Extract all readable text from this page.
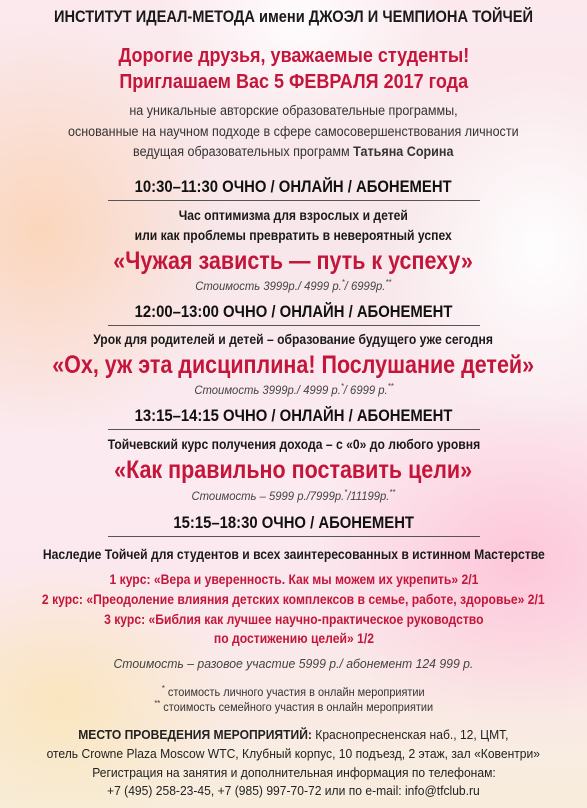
ИНСТИТУТ ИДЕАЛ-МЕТОДА имени ДЖОЭЛ И ЧЕМПИОНА ТОЙЧЕЙ
Дорогие друзья, уважаемые студенты!
Приглашаем Вас 5 ФЕВРАЛЯ 2017 года
на уникальные авторские образовательные программы,
основанные на научном подходе в сфере самосовершенствования личности
ведущая образовательных программ Татьяна Сорина
10:30–11:30 ОЧНО / ОНЛАЙН / АБОНЕМЕНТ
Час оптимизма для взрослых и детей
или как проблемы превратить в невероятный успех
«Чужая зависть — путь к успеху»
Стоимость 3999р./ 4999 р.*/ 6999р.**
12:00–13:00 ОЧНО / ОНЛАЙН / АБОНЕМЕНТ
Урок для родителей и детей – образование будущего уже сегодня
«Ох, уж эта дисциплина! Послушание детей»
Стоимость 3999р./ 4999 р.*/ 6999 р.**
13:15–14:15 ОЧНО / ОНЛАЙН / АБОНЕМЕНТ
Тойчевский курс получения дохода – с «0» до любого уровня
«Как правильно поставить цели»
Стоимость – 5999 р./7999р.*/11199р.**
15:15–18:30 ОЧНО / АБОНЕМЕНТ
Наследие Тойчей для студентов и всех заинтересованных в истинном Мастерстве
1 курс: «Вера и уверенность. Как мы можем их укрепить» 2/1
2 курс: «Преодоление влияния детских комплексов в семье, работе, здоровье» 2/1
3 курс: «Библия как лучшее научно-практическое руководство
по достижению целей» 1/2
Стоимость – разовое участие 5999 р./ абонемент 124 999 р.
* стоимость личного участия в онлайн мероприятии
** стоимость семейного участия в онлайн мероприятии
МЕСТО ПРОВЕДЕНИЯ МЕРОПРИЯТИЙ: Краснопресненская наб., 12, ЦМТ,
отель Crowne Plaza Moscow WTC, Клубный корпус, 10 подъезд, 2 этаж, зал «Ковентри»
Регистрация на занятия и дополнительная информация по телефонам:
+7 (495) 258-23-45, +7 (985) 997-70-72 или по e-mail: info@tfclub.ru
